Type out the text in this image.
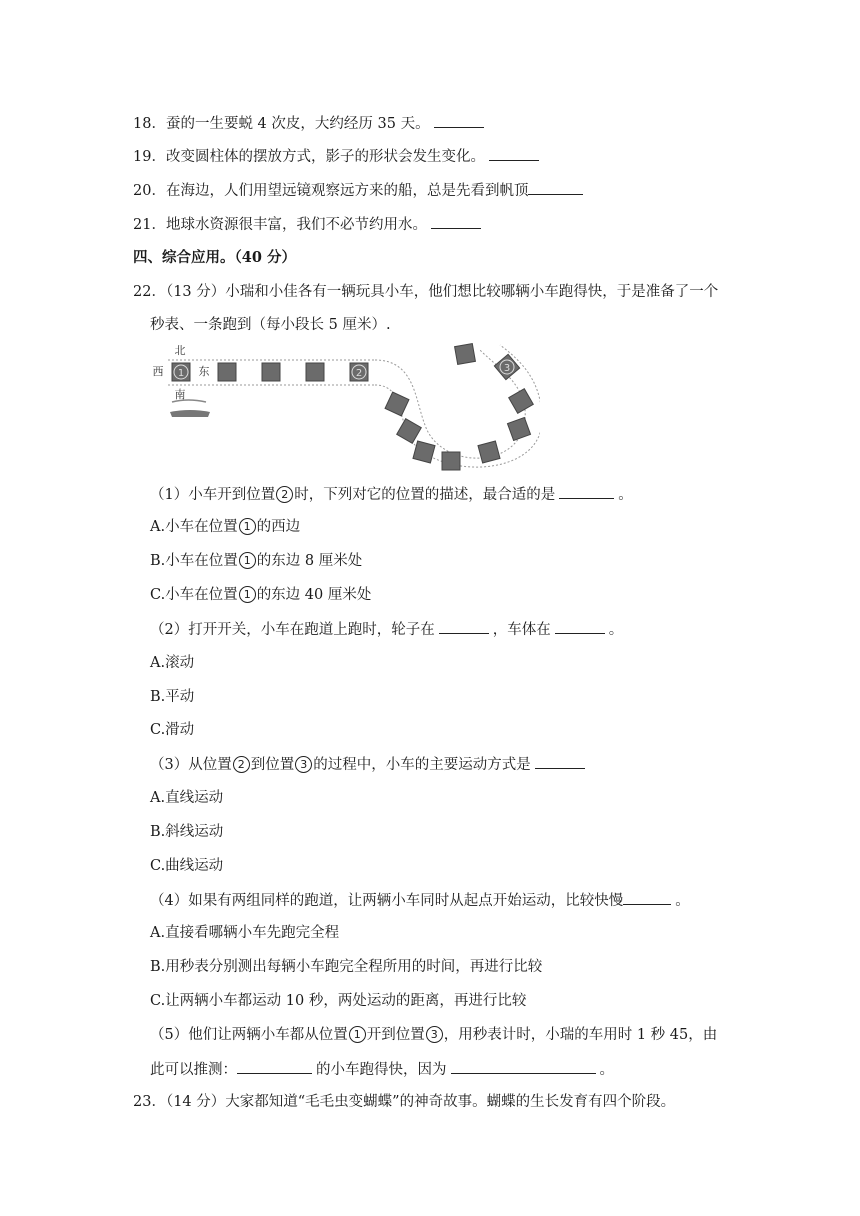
18．蚕的一生要蜕 4 次皮，大约经历 35 天。
19．改变圆柱体的摆放方式，影子的形状会发生变化。
20．在海边，人们用望远镜观察远方来的船，总是先看到帆顶
21．地球水资源很丰富，我们不必节约用水。
四、综合应用。（40 分）
22．（13 分）小瑞和小佳各有一辆玩具小车，他们想比较哪辆小车跑得快，于是准备了一个
秒表、一条跑到（每小段长 5 厘米）.
北
西	东
南
1	2	3
（1）小车开到位置 2 时，下列对它的位置的描述，最合适的是	。
A.小车在位置 1 的西边
B.小车在位置 1 的东边 8 厘米处
C.小车在位置 1 的东边 40 厘米处
（2）打开开关，小车在跑道上跑时，轮子在	，车体在	。
A.滚动
B.平动
C.滑动
（3）从位置 2 到位置 3 的过程中，小车的主要运动方式是
A.直线运动
B.斜线运动
C.曲线运动
（4）如果有两组同样的跑道，让两辆小车同时从起点开始运动，比较快慢	。
A.直接看哪辆小车先跑完全程
B.用秒表分别测出每辆小车跑完全程所用的时间，再进行比较
C.让两辆小车都运动 10 秒，两处运动的距离，再进行比较
（5）他们让两辆小车都从位置 1 开到位置 3 ，用秒表计时，小瑞的车用时 1 秒 45，由
此可以推测：	的小车跑得快，因为	。
23．（14 分）大家都知道“毛毛虫变蝴蝶”的神奇故事。蝴蝶的生长发育有四个阶段。
